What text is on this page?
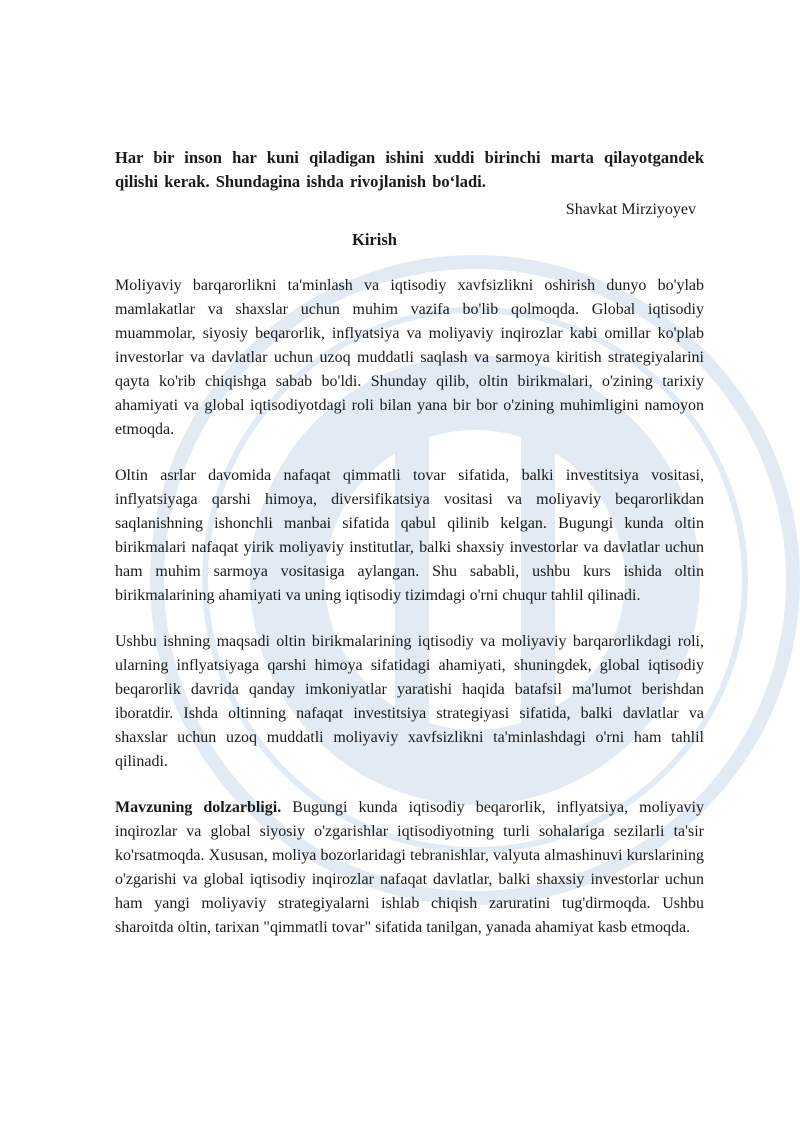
Har bir inson har kuni qiladigan ishini xuddi birinchi marta qilayotgandek qilishi kerak. Shundagina ishda rivojlanish bo‘ladi.

Shavkat Mirziyoyev
Kirish

Moliyaviy barqarorlikni ta'minlash va iqtisodiy xavfsizlikni oshirish dunyo bo'ylab mamlakatlar va shaxslar uchun muhim vazifa bo'lib qolmoqda. Global iqtisodiy muammolar, siyosiy beqarorlik, inflyatsiya va moliyaviy inqirozlar kabi omillar ko'plab investorlar va davlatlar uchun uzoq muddatli saqlash va sarmoya kiritish strategiyalarini qayta ko'rib chiqishga sabab bo'ldi. Shunday qilib, oltin birikmalari, o'zining tarixiy ahamiyati va global iqtisodiyotdagi roli bilan yana bir bor o'zining muhimligini namoyon etmoqda.

Oltin asrlar davomida nafaqat qimmatli tovar sifatida, balki investitsiya vositasi, inflyatsiyaga qarshi himoya, diversifikatsiya vositasi va moliyaviy beqarorlikdan saqlanishning ishonchli manbai sifatida qabul qilinib kelgan. Bugungi kunda oltin birikmalari nafaqat yirik moliyaviy institutlar, balki shaxsiy investorlar va davlatlar uchun ham muhim sarmoya vositasiga aylangan. Shu sababli, ushbu kurs ishida oltin birikmalarining ahamiyati va uning iqtisodiy tizimdagi o'rni chuqur tahlil qilinadi.

Ushbu ishning maqsadi oltin birikmalarining iqtisodiy va moliyaviy barqarorlikdagi roli, ularning inflyatsiyaga qarshi himoya sifatidagi ahamiyati, shuningdek, global iqtisodiy beqarorlik davrida qanday imkoniyatlar yaratishi haqida batafsil ma'lumot berishdan iboratdir. Ishda oltinning nafaqat investitsiya strategiyasi sifatida, balki davlatlar va shaxslar uchun uzoq muddatli moliyaviy xavfsizlikni ta'minlashdagi o'rni ham tahlil qilinadi.

Mavzuning dolzarbligi. Bugungi kunda iqtisodiy beqarorlik, inflyatsiya, moliyaviy inqirozlar va global siyosiy o'zgarishlar iqtisodiyotning turli sohalariga sezilarli ta'sir ko'rsatmoqda. Xususan, moliya bozorlaridagi tebranishlar, valyuta almashinuvi kurslarining o'zgarishi va global iqtisodiy inqirozlar nafaqat davlatlar, balki shaxsiy investorlar uchun ham yangi moliyaviy strategiyalarni ishlab chiqish zaruratini tug'dirmoqda. Ushbu sharoitda oltin, tarixan "qimmatli tovar" sifatida tanilgan, yanada ahamiyat kasb etmoqda.
